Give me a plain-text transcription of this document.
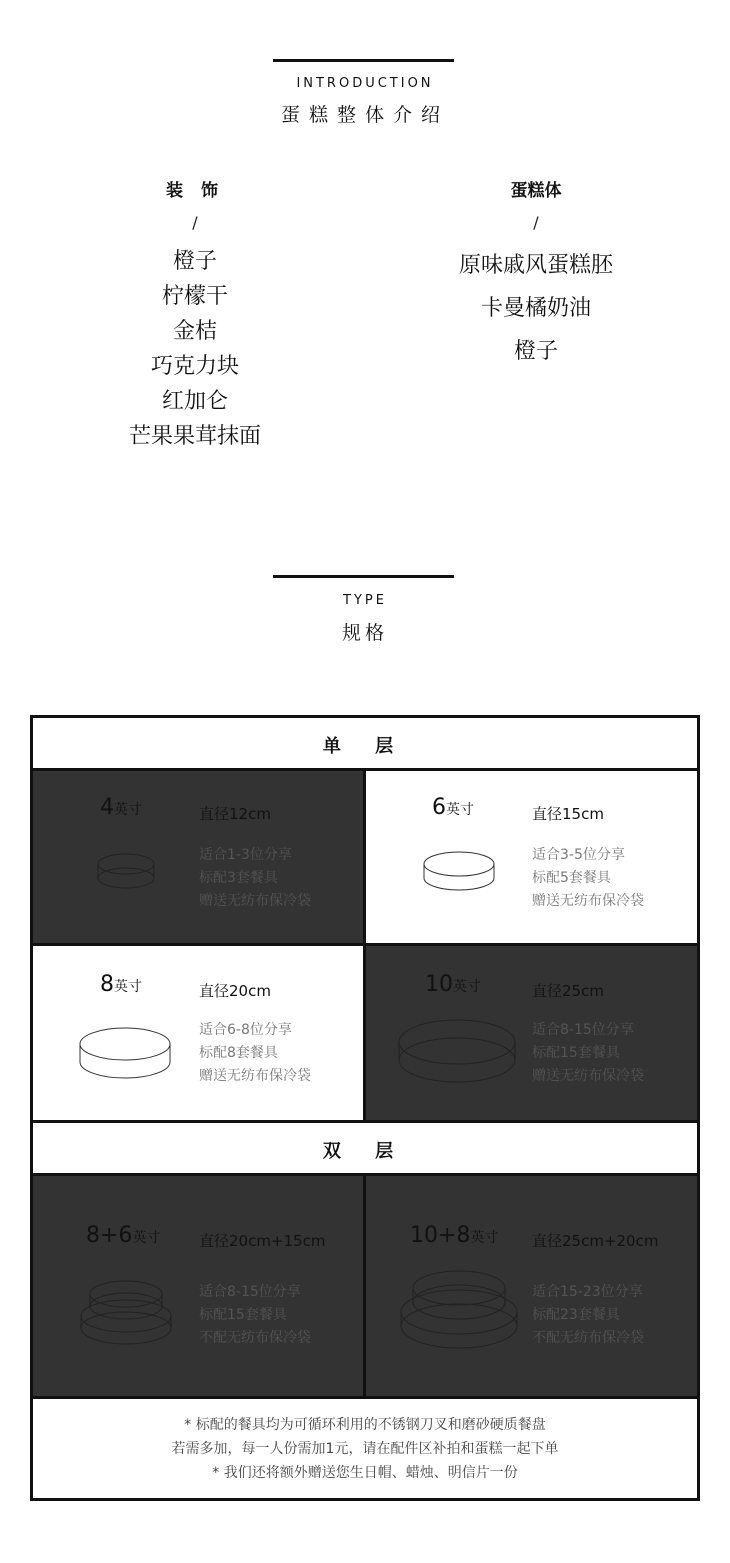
INTRODUCTION
蛋糕整体介绍
装 饰
/
橙子
柠檬干
金桔
巧克力块
红加仑
芒果果茸抹面
蛋糕体
/
原味戚风蛋糕胚
卡曼橘奶油
橙子
TYPE
规格
单 层
4英寸	直径12cm
适合1-3位分享
标配3套餐具
赠送无纺布保冷袋
6英寸	直径15cm
适合3-5位分享
标配5套餐具
赠送无纺布保冷袋
8英寸	直径20cm
适合6-8位分享
标配8套餐具
赠送无纺布保冷袋
10英寸	直径25cm
适合8-15位分享
标配15套餐具
赠送无纺布保冷袋
双 层
8+6英寸	直径20cm+15cm
适合8-15位分享
标配15套餐具
不配无纺布保冷袋
10+8英寸 直径25cm+20cm
适合15-23位分享
标配23套餐具
不配无纺布保冷袋
* 标配的餐具均为可循环利用的不锈钢刀叉和磨砂硬质餐盘
若需多加，每一人份需加1元，请在配件区补拍和蛋糕一起下单
* 我们还将额外赠送您生日帽、蜡烛、明信片一份
